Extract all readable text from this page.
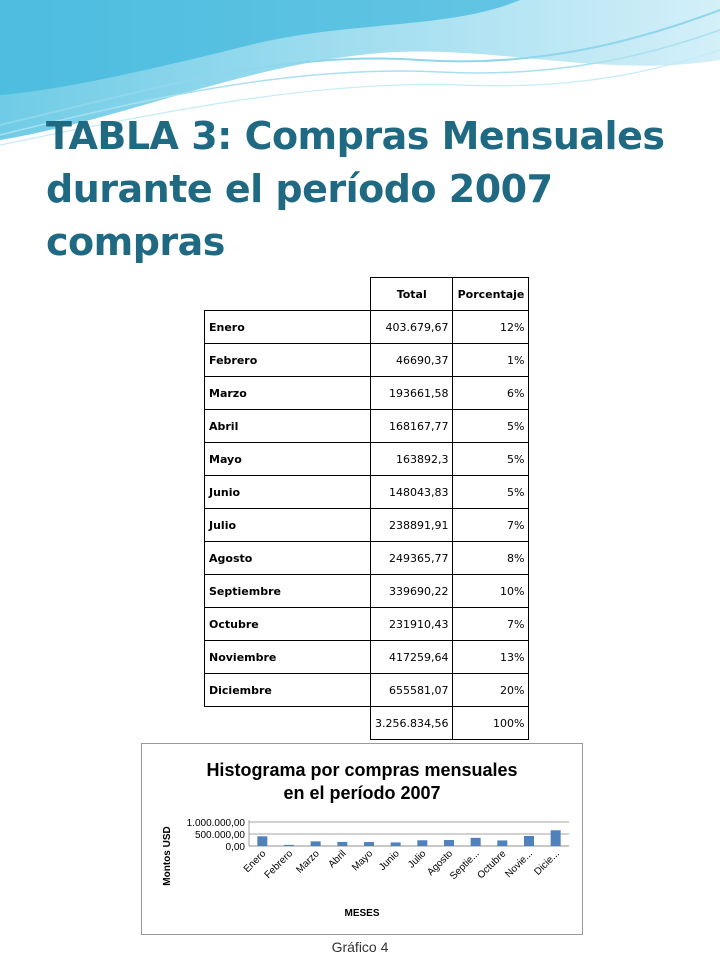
TABLA 3: Compras Mensuales
durante el período 2007
compras
	Total	Porcentaje
Enero	403.679,67	12%
Febrero	46690,37	1%
Marzo	193661,58	6%
Abril	168167,77	5%
Mayo	163892,3	5%
Junio	148043,83	5%
Julio	238891,91	7%
Agosto	249365,77	8%
Septiembre	339690,22	10%
Octubre	231910,43	7%
Noviembre	417259,64	13%
Diciembre	655581,07	20%
	3.256.834,56	100%
Histograma por compras mensuales
en el período 2007
0,00
500.000,00
1.000.000,00
Enero
Febrero Marzo Abril Mayo Junio Julio
Agosto
Septie...
Octubre
Novie...
Dicie...
MESES
Montos USD
Gráfico 4
